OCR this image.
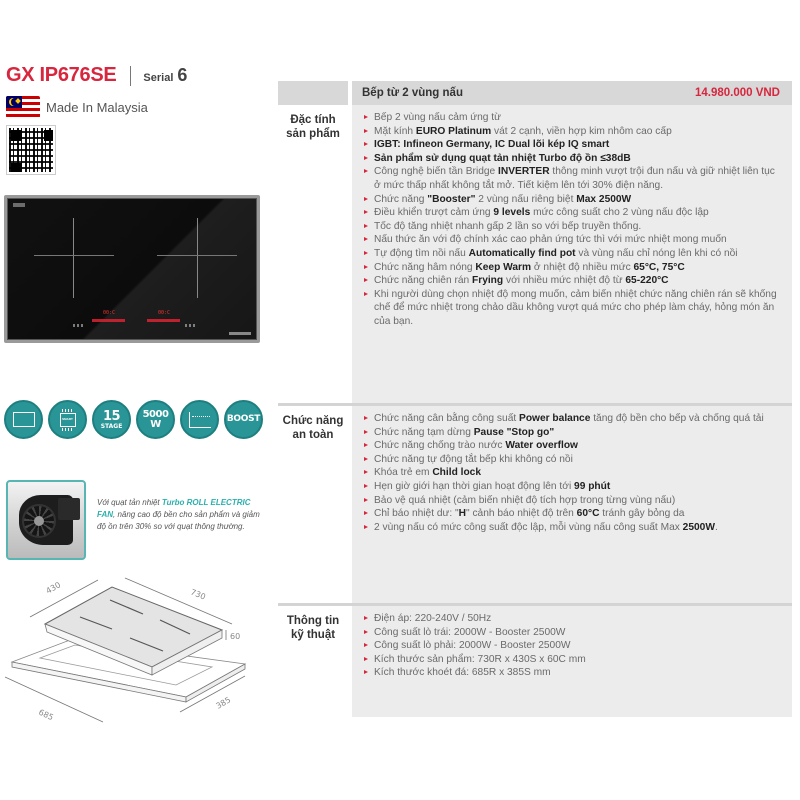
GX IP676SE Serial 6
Made In Malaysia
00:C	00:C
SMART 15
STAGE
5000
W	BOOST
Với quạt tản nhiệt Turbo ROLL ELECTRIC FAN, nâng cao độ bền cho sản phẩm và giảm độ ồn trên 30% so với quạt thông thường.
430	730
60
685
385
Bếp từ 2 vùng nấu	14.980.000 VND
Đặc tính
sản phẩm
Bếp 2 vùng nấu cảm ứng từ
Mặt kính EURO Platinum vát 2 cạnh, viền hợp kim nhôm cao cấp
IGBT: Infineon Germany, IC Dual lõi kép IQ smart
Sản phẩm sử dụng quạt tản nhiệt Turbo độ ồn ≤38dB
Công nghệ biến tần Bridge INVERTER thông minh vượt trội đun nấu và giữ nhiệt liên tục ở mức thấp nhất không tắt mở. Tiết kiệm lên tới 30% điện năng.
Chức năng "Booster" 2 vùng nấu riêng biệt Max 2500W
Điều khiển trượt cảm ứng 9 levels mức công suất cho 2 vùng nấu độc lập
Tốc độ tăng nhiệt nhanh gấp 2 lần so với bếp truyền thống.
Nấu thức ăn với độ chính xác cao phản ứng tức thì với mức nhiệt mong muốn
Tự động tìm nồi nấu Automatically find pot và vùng nấu chỉ nóng lên khi có nồi
Chức năng hâm nóng Keep Warm ở nhiệt độ nhiều mức 65°C, 75°C
Chức năng chiên rán Frying với nhiều mức nhiệt độ từ 65-220°C
Khi người dùng chọn nhiệt độ mong muốn, cảm biến nhiệt chức năng chiên rán sẽ khống chế để mức nhiệt trong chảo dầu không vượt quá mức cho phép làm cháy, hỏng món ăn của bạn.
Chức năng
an toàn
Chức năng cân bằng công suất Power balance tăng độ bền cho bếp và chống quá tải
Chức năng tạm dừng Pause "Stop go"
Chức năng chống trào nước Water overflow
Chức năng tự động tắt bếp khi không có nồi
Khóa trẻ em Child lock
Hẹn giờ giới hạn thời gian hoạt động lên tới 99 phút
Bảo vệ quá nhiệt (cảm biến nhiệt độ tích hợp trong từng vùng nấu)
Chỉ báo nhiệt dư: "H" cảnh báo nhiệt độ trên 60°C tránh gây bỏng da
2 vùng nấu có mức công suất độc lập, mỗi vùng nấu công suất Max 2500W.
Thông tin
kỹ thuật
Điện áp: 220-240V / 50Hz
Công suất lò trái: 2000W - Booster 2500W
Công suất lò phải: 2000W - Booster 2500W
Kích thước sản phẩm: 730R x 430S x 60C mm
Kích thước khoét đá: 685R x 385S mm
